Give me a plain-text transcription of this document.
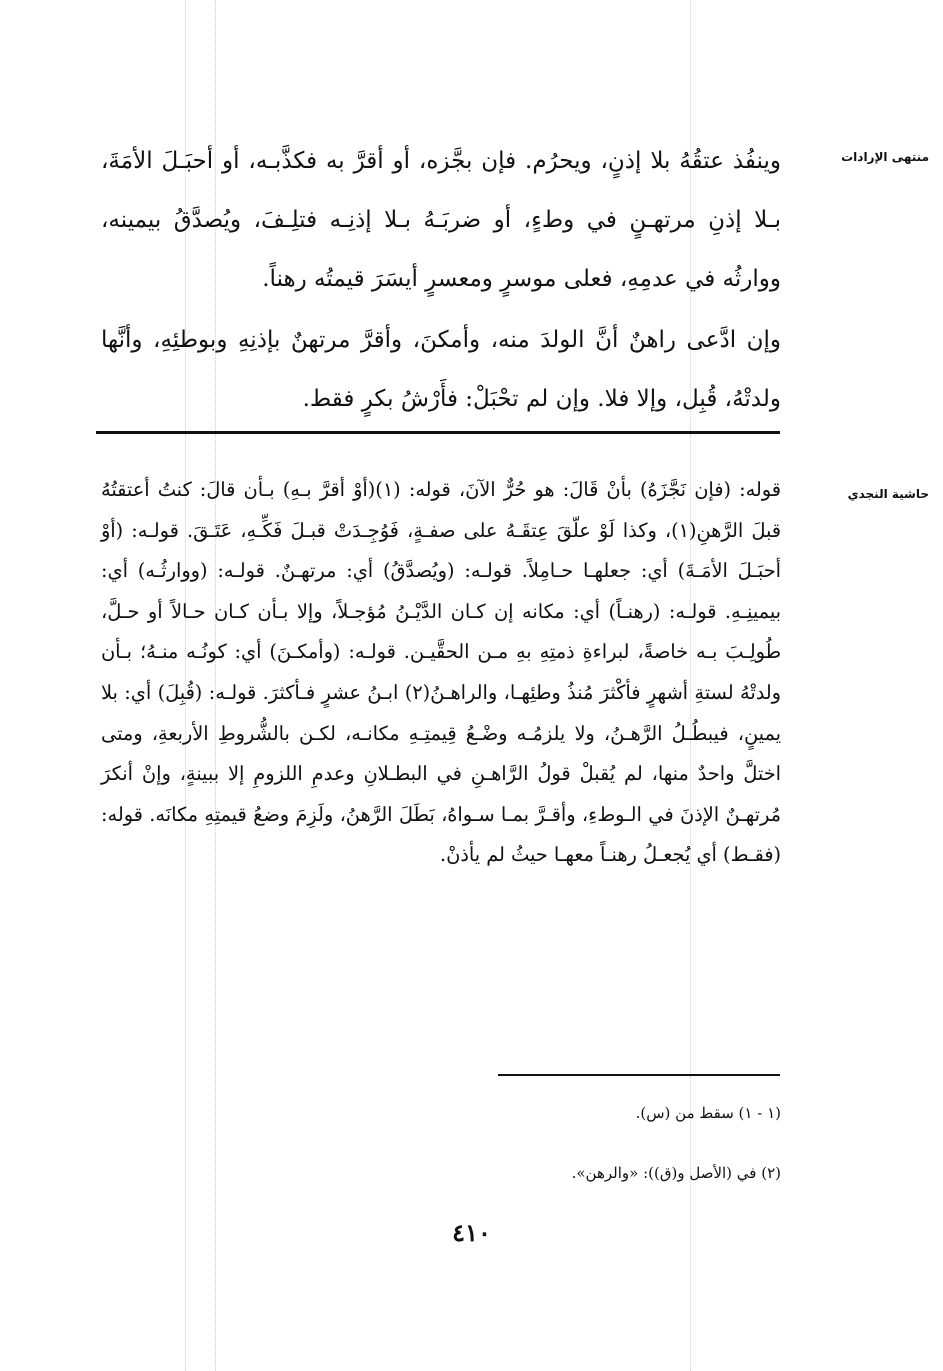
منتهى الإرادات

وينفُذ عتقُهُ بلا إذنٍ، ويحرُم. فإن بجَّزه، أو أقرَّ به فكذَّبـه، أو أحبَـلَ الأمَةَ، بـلا إذنِ مرتهـنٍ في وطءٍ، أو ضربَـهُ بـلا إذنِـه فتلِـفَ، ويُصدَّقُ بيمينه، ووارثُه في عدمِهِ، فعلى موسرٍ ومعسرٍ أيسَرَ قيمتُه رهناً.

وإن ادَّعى راهنٌ أنَّ الولدَ منه، وأمكنَ، وأقرَّ مرتهنٌ بإذنِهِ وبوطئِهِ، وأنَّها ولدتْهُ، قُبِل، وإلا فلا. وإن لم تحْبَلْ: فأَرْشُ بكرٍ فقط.

حاشية النجدي
قوله: (فإن نَجَّزَهُ) بأنْ قَالَ: هو حُرٌّ الآنَ، قوله: (١)(أوْ أقرَّ بـهِ) بـأن قالَ: كنتُ أعتقتُهُ قبلَ الرَّهنِ(١)، وكذا لَوْ علّقَ عِتقَـهُ على صفـةٍ، فَوُجِـدَتْ قبـلَ فَكِّـهِ، عَتَـقَ. قولـه: (أوْ أحبَـلَ الأمَـةَ) أي: جعلهـا حـامِلاً. قولـه: (ويُصدَّقُ) أي: مرتهـنٌ. قولـه: (ووارثُـه) أي: بيمينِـهِ. قولـه: (رهنـاً) أي: مكانه إن كـان الدَّيْـنُ مُؤجـلاً، وإلا بـأن كـان حـالاً أو حـلَّ، طُولِـبَ بـه خاصةً، لبراءةِ ذمتِهِ بهِ مـن الحقَّيـن. قولـه: (وأمكـنَ) أي: كونُـه منـهُ؛ بـأن ولدتْهُ لستةِ أشهرٍ فأكْثرَ مُنذُ وطئِهـا، والراهـنُ(٢) ابـنُ عشرٍ فـأكثرَ. قولـه: (قُبِلَ) أي: بلا يمينٍ، فيبطُـلُ الرَّهـنُ، ولا يلزمُـه وضْـعُ قِيمتِـهِ مكانـه، لكـن بالشُّروطِ الأربعةِ، ومتى اختلَّ واحدٌ منها، لم يُقبلْ قولُ الرَّاهـنِ في البطـلانِ وعدمِ اللزومِ إلا ببينةٍ، وإنْ أنكرَ مُرتهـنٌ الإذنَ في الـوطءِ، وأقـرَّ بمـا سـواهُ، بَطَلَ الرَّهنُ، ولَزِمَ وضعُ قيمتِهِ مكانَه. قوله: (فقـط) أي يُجعـلُ رهنـاً معهـا حيثُ لم يأذنْ.
(١ - ١) سقط من (س).
(٢) في (الأصل و(ق)): «والرهن».
٤١٠
